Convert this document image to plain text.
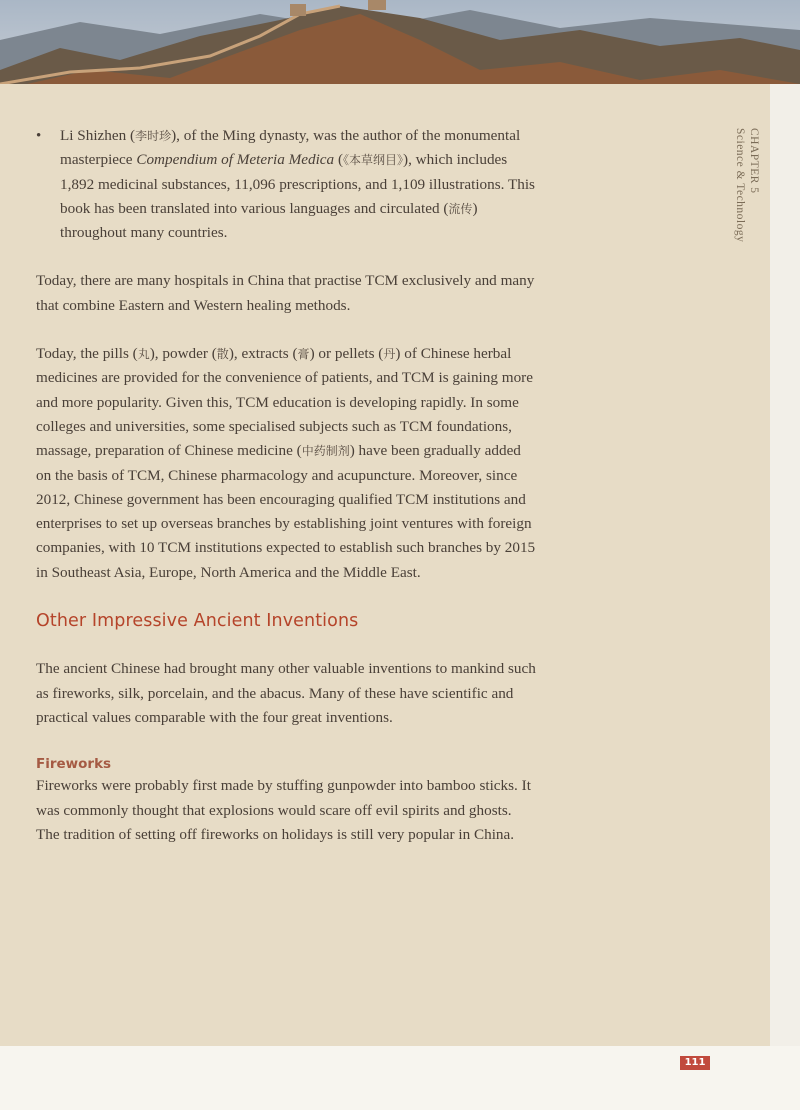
CHAPTER 5
Science & Technology
• Li Shizhen (李时珍), of the Ming dynasty, was the author of the monumental masterpiece Compendium of Meteria Medica (《本草纲目》), which includes 1,892 medicinal substances, 11,096 prescriptions, and 1,109 illustrations. This book has been translated into various languages and circulated (流传) throughout many countries.

Today, there are many hospitals in China that practise TCM exclusively and many that combine Eastern and Western healing methods.

Today, the pills (丸), powder (散), extracts (膏) or pellets (丹) of Chinese herbal medicines are provided for the convenience of patients, and TCM is gaining more and more popularity. Given this, TCM education is developing rapidly. In some colleges and universities, some specialised subjects such as TCM foundations, massage, preparation of Chinese medicine (中药制剂) have been gradually added on the basis of TCM, Chinese pharmacology and acupuncture. Moreover, since 2012, Chinese government has been encouraging qualified TCM institutions and enterprises to set up overseas branches by establishing joint ventures with foreign companies, with 10 TCM institutions expected to establish such branches by 2015 in Southeast Asia, Europe, North America and the Middle East.

Other Impressive Ancient Inventions

The ancient Chinese had brought many other valuable inventions to mankind such as fireworks, silk, porcelain, and the abacus. Many of these have scientific and practical values comparable with the four great inventions.

Fireworks

Fireworks were probably first made by stuffing gunpowder into bamboo sticks. It was commonly thought that explosions would scare off evil spirits and ghosts. The tradition of setting off fireworks on holidays is still very popular in China.

111
